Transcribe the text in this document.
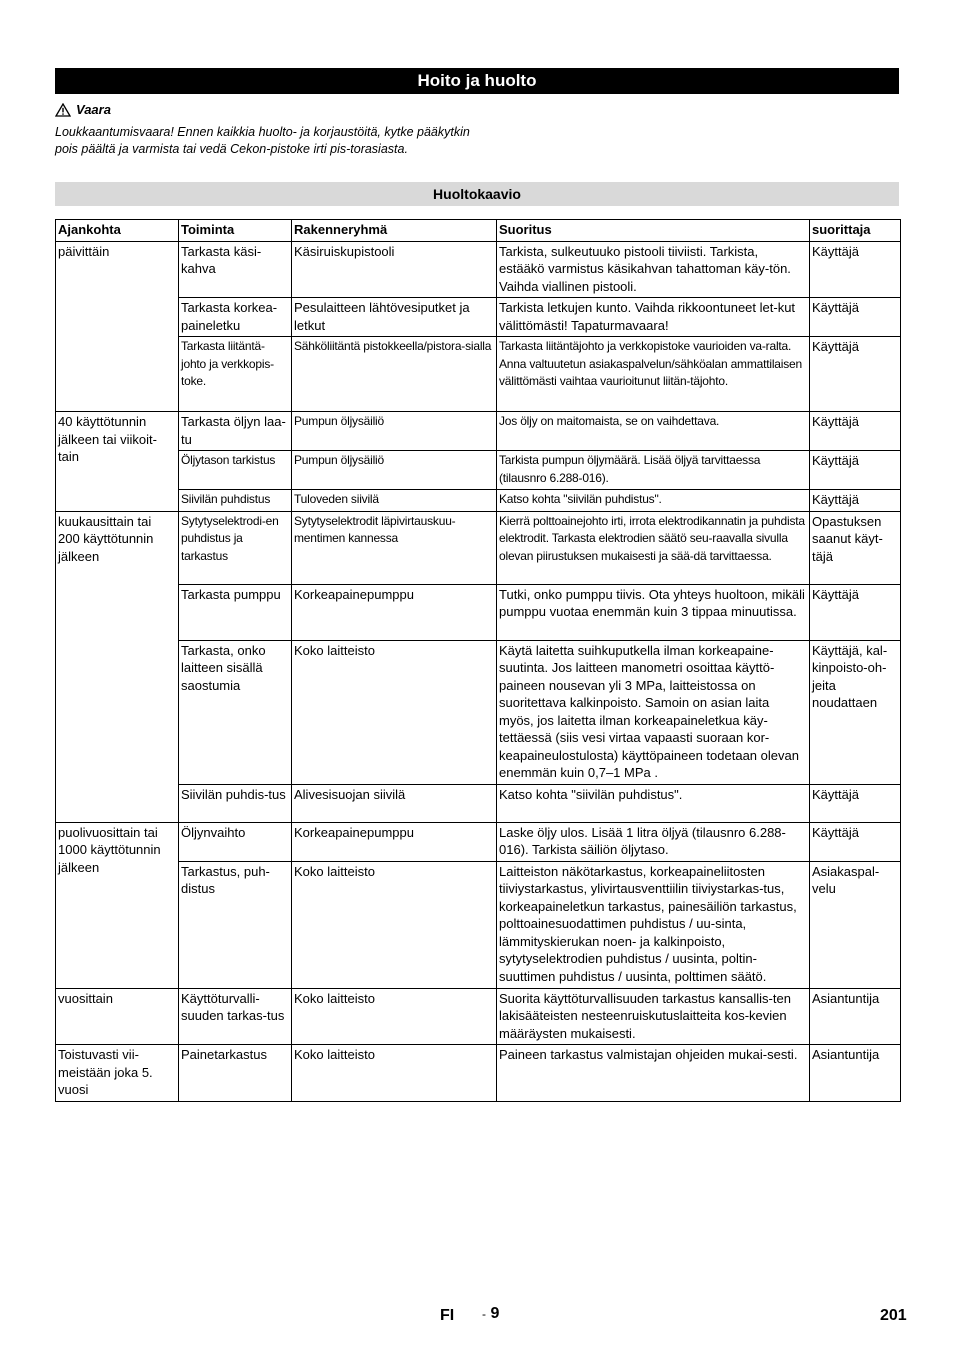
Hoito ja huolto
Vaara
Loukkaantumisvaara! Ennen kaikkia huolto- ja korjaustöitä, kytke pääkytkin pois päältä ja varmista tai vedä Cekon-pistoke irti pis-torasiasta.
Huoltokaavio
Ajankohta	Toiminta	Rakenneryhmä	Suoritus	suorittaja
päivittäin	Tarkasta käsi-kahva	Käsiruiskupistooli	Tarkista, sulkeutuuko pistooli tiiviisti. Tarkista, estääkö varmistus käsikahvan tahattoman käy-tön. Vaihda viallinen pistooli.	Käyttäjä
	Tarkasta korkea-paineletku	Pesulaitteen lähtövesiputket ja letkut	Tarkista letkujen kunto. Vaihda rikkoontuneet let-kut välittömästi! Tapaturmavaara!	Käyttäjä
	Tarkasta liitäntä-johto ja verkkopis-toke.	Sähköliitäntä pistokkeella/pistora-sialla	Tarkasta liitäntäjohto ja verkkopistoke vaurioiden va-ralta. Anna valtuutetun asiakaspalvelun/sähköalan ammattilaisen välittömästi vaihtaa vaurioitunut liitän-täjohto.	Käyttäjä
40 käyttötunnin jälkeen tai viikoit-tain	Tarkasta öljyn laa-tu	Pumpun öljysäiliö	Jos öljy on maitomaista, se on vaihdettava.	Käyttäjä
	Öljytason tarkistus	Pumpun öljysäiliö	Tarkista pumpun öljymäärä. Lisää öljyä tarvittaessa (tilausnro 6.288-016).	Käyttäjä
	Siivilän puhdistus	Tuloveden siivilä	Katso kohta "siivilän puhdistus".	Käyttäjä
kuukausittain tai 200 käyttötunnin jälkeen	Sytytyselektrodi-en puhdistus ja tarkastus	Sytytyselektrodit läpivirtauskuu-mentimen kannessa	Kierrä polttoainejohto irti, irrota elektrodikannatin ja puhdista elektrodit. Tarkasta elektrodien säätö seu-raavalla sivulla olevan piirustuksen mukaisesti ja sää-dä tarvittaessa.	Opastuksen saanut käyt-täjä
	Tarkasta pumppu	Korkeapainepumppu	Tutki, onko pumppu tiivis. Ota yhteys huoltoon, mikäli pumppu vuotaa enemmän kuin 3 tippaa minuutissa.	Käyttäjä
	Tarkasta, onko laitteen sisällä saostumia	Koko laitteisto	Käytä laitetta suihkuputkella ilman korkeapaine-suutinta. Jos laitteen manometri osoittaa käyttö-paineen nousevan yli 3 MPa, laitteistossa on suoritettava kalkinpoisto. Samoin on asian laita myös, jos laitetta ilman korkeapaineletkua käy-tettäessä (siis vesi virtaa vapaasti suoraan kor-keapaineulostulosta) käyttöpaineen todetaan olevan enemmän kuin 0,7–1 MPa .	Käyttäjä, kal-kinpoisto-oh-jeita noudattaen
	Siivilän puhdis-tus	Alivesisuojan siivilä	Katso kohta "siivilän puhdistus".	Käyttäjä
puolivuosittain tai 1000 käyttötunnin jälkeen	Öljynvaihto	Korkeapainepumppu	Laske öljy ulos. Lisää 1 litra öljyä (tilausnro 6.288-016). Tarkista säiliön öljytaso.	Käyttäjä
	Tarkastus, puh-distus	Koko laitteisto	Laitteiston näkötarkastus, korkeapaineliitosten tiiviystarkastus, ylivirtausventtiilin tiiviystarkas-tus, korkeapaineletkun tarkastus, painesäiliön tarkastus, polttoainesuodattimen puhdistus / uu-sinta, lämmityskierukan noen- ja kalkinpoisto, sytytyselektrodien puhdistus / uusinta, poltin-suuttimen puhdistus / uusinta, polttimen säätö.	Asiakaspal-velu
vuosittain	Käyttöturvalli-suuden tarkas-tus	Koko laitteisto	Suorita käyttöturvallisuuden tarkastus kansallis-ten lakisääteisten nesteenruiskutuslaitteita kos-kevien määräysten mukaisesti.	Asiantuntija
Toistuvasti vii-meistään joka 5. vuosi	Painetarkastus	Koko laitteisto	Paineen tarkastus valmistajan ohjeiden mukai-sesti.	Asiantuntija
FI - 9	201
